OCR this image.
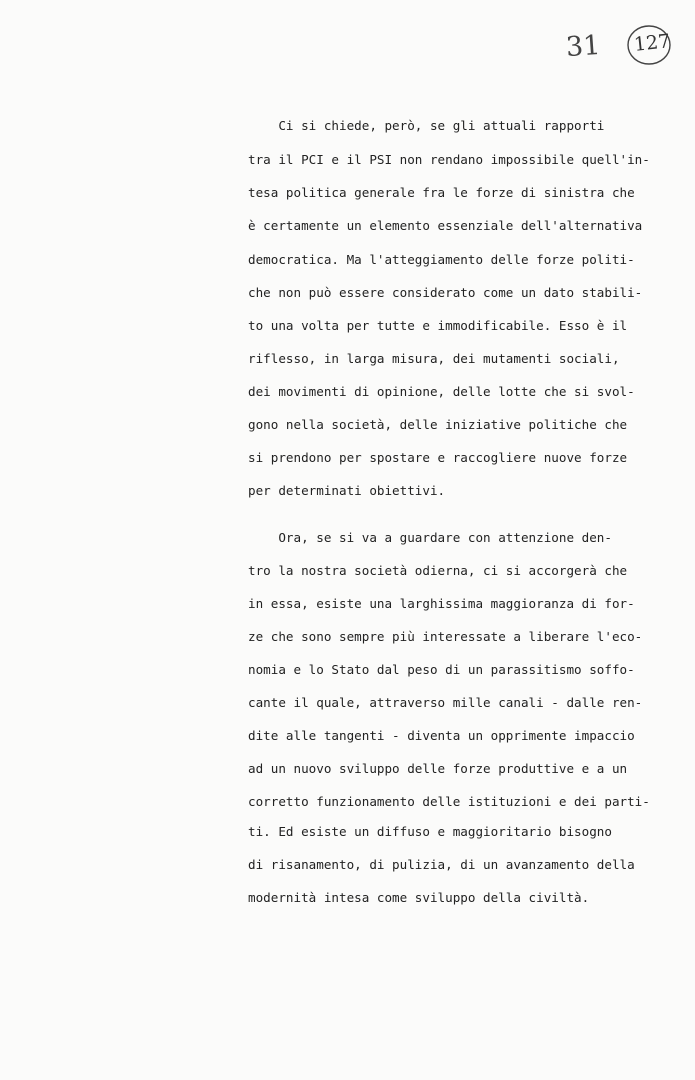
31 127
Ci si chiede, però, se gli attuali rapporti
tra il PCI e il PSI non rendano impossibile quell'in-
tesa politica generale fra le forze di sinistra che
è certamente un elemento essenziale dell'alternativa
democratica. Ma l'atteggiamento delle forze politi-
che non può essere considerato come un dato stabili-
to una volta per tutte e immodificabile. Esso è il
riflesso, in larga misura, dei mutamenti sociali,
dei movimenti di opinione, delle lotte che si svol-
gono nella società, delle iniziative politiche che
si prendono per spostare e raccogliere nuove forze
per determinati obiettivi.
Ora, se si va a guardare con attenzione den-
tro la nostra società odierna, ci si accorgerà che
in essa, esiste una larghissima maggioranza di for-
ze che sono sempre più interessate a liberare l'eco-
nomia e lo Stato dal peso di un parassitismo soffo-
cante il quale, attraverso mille canali - dalle ren-
dite alle tangenti - diventa un opprimente impaccio
ad un nuovo sviluppo delle forze produttive e a un
corretto funzionamento delle istituzioni e dei parti-
ti. Ed esiste un diffuso e maggioritario bisogno
di risanamento, di pulizia, di un avanzamento della
modernità intesa come sviluppo della civiltà.
